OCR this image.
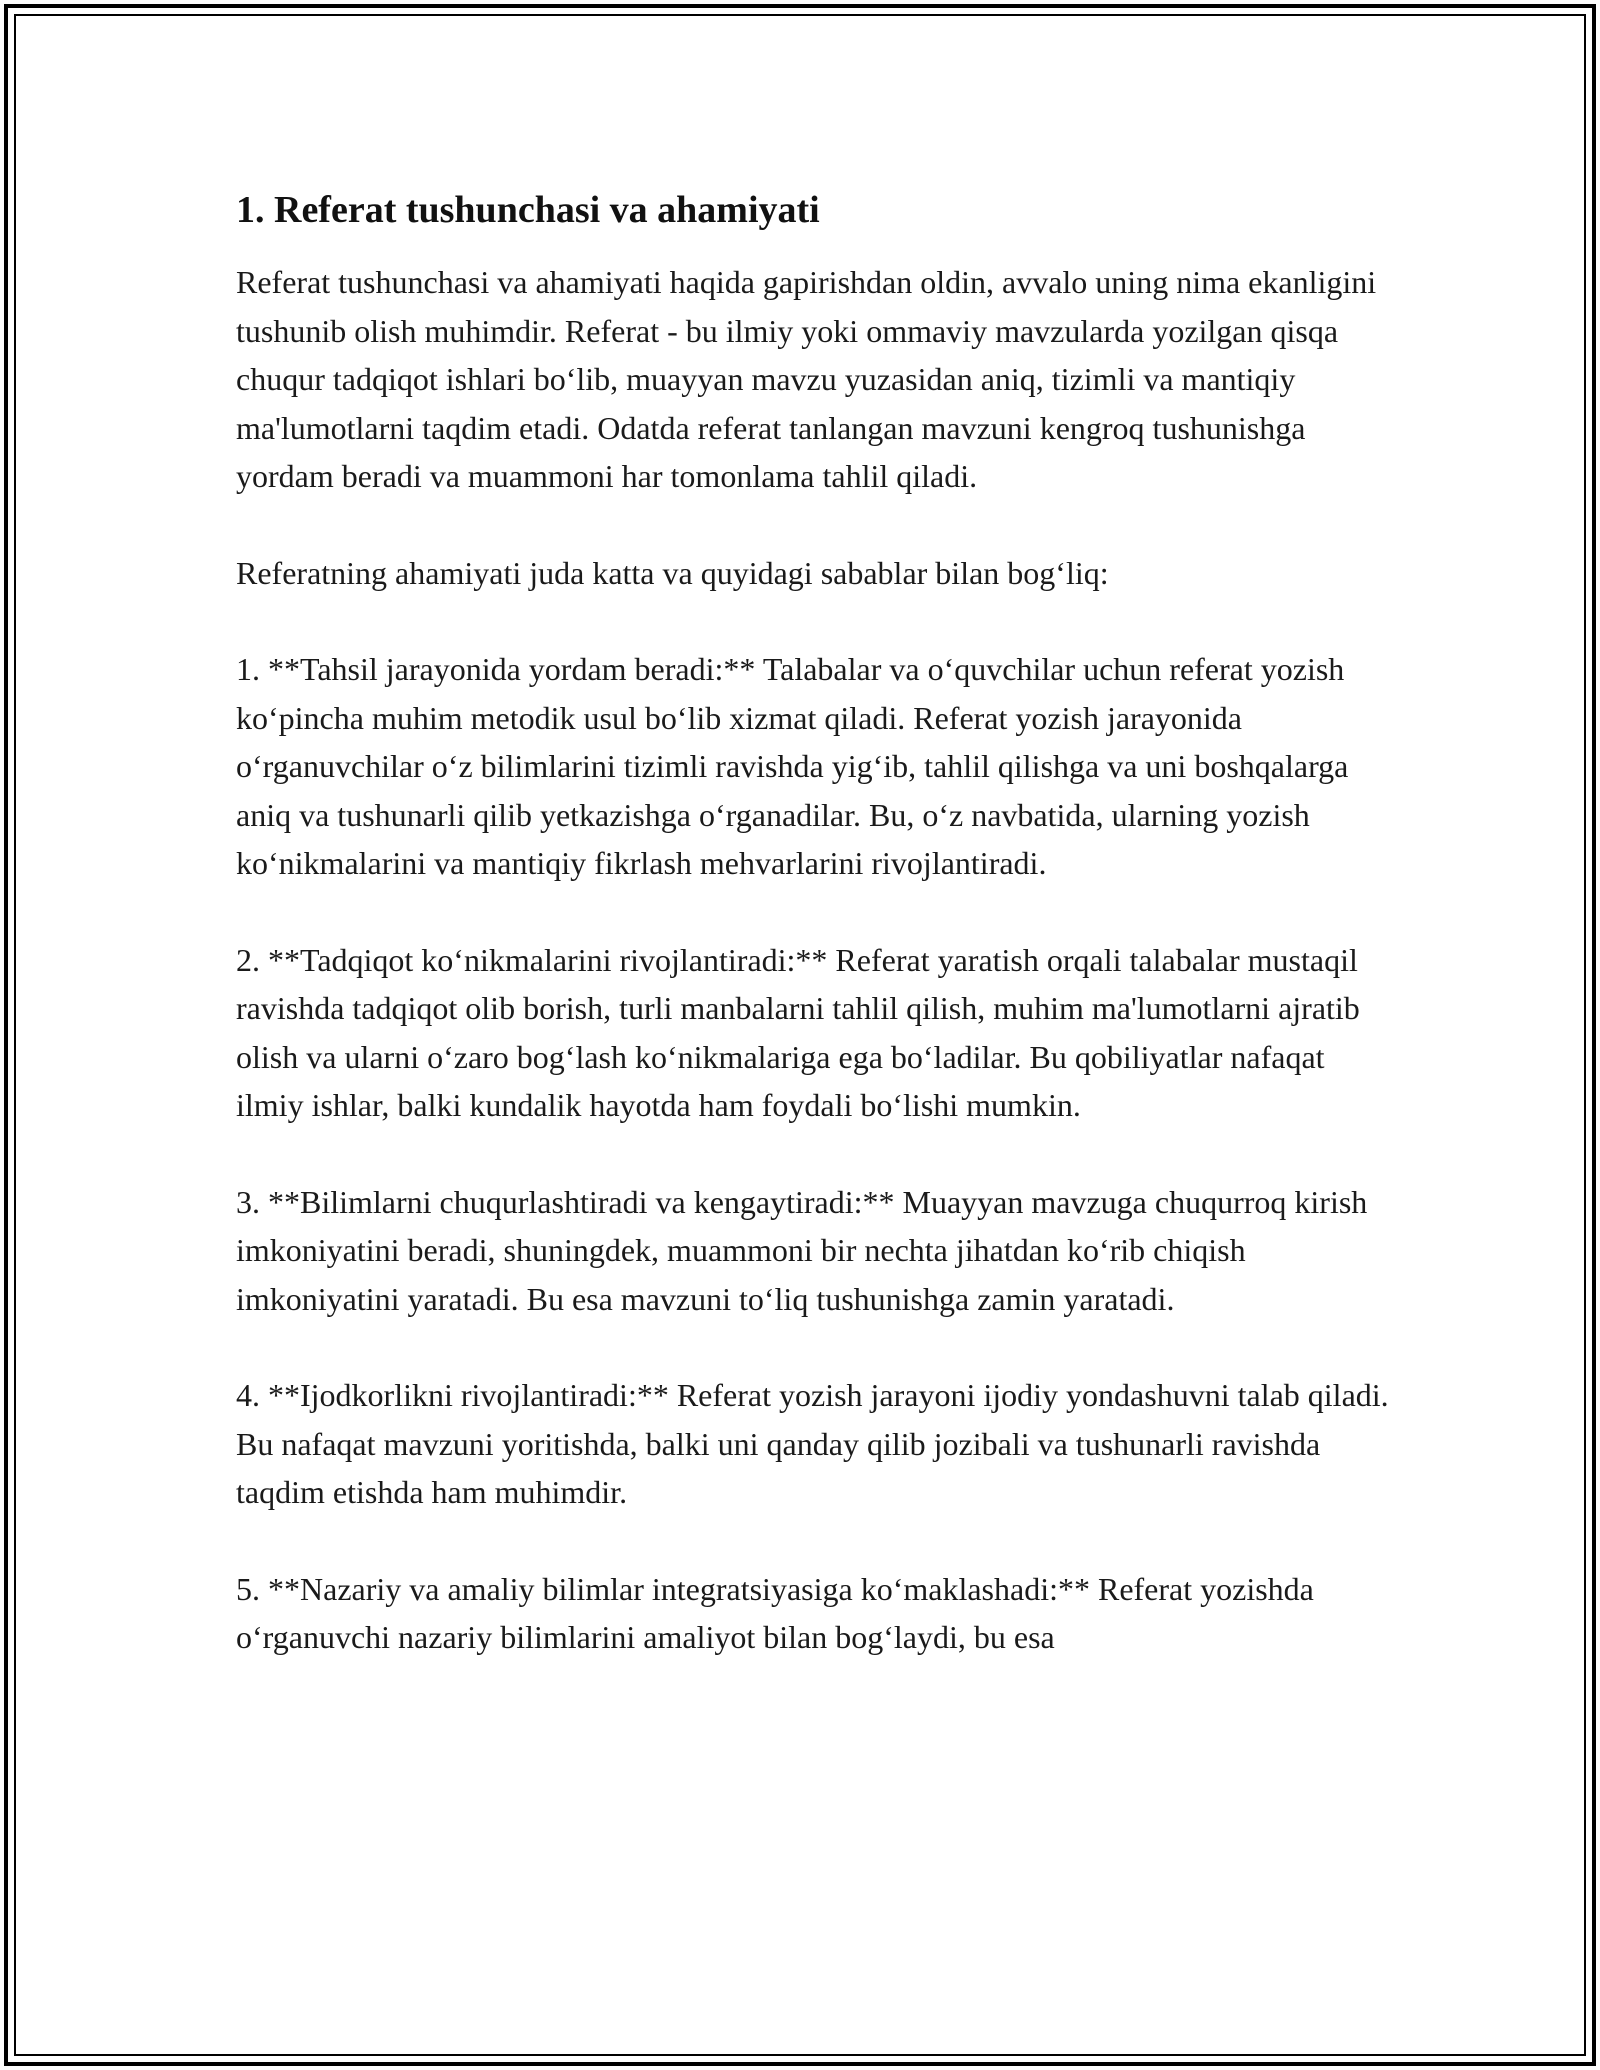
1. Referat tushunchasi va ahamiyati

Referat tushunchasi va ahamiyati haqida gapirishdan oldin, avvalo uning nima ekanligini tushunib olish muhimdir. Referat - bu ilmiy yoki ommaviy mavzularda yozilgan qisqa chuqur tadqiqot ishlari bo‘lib, muayyan mavzu yuzasidan aniq, tizimli va mantiqiy ma'lumotlarni taqdim etadi. Odatda referat tanlangan mavzuni kengroq tushunishga yordam beradi va muammoni har tomonlama tahlil qiladi.

Referatning ahamiyati juda katta va quyidagi sabablar bilan bog‘liq:

1. **Tahsil jarayonida yordam beradi:** Talabalar va o‘quvchilar uchun referat yozish ko‘pincha muhim metodik usul bo‘lib xizmat qiladi. Referat yozish jarayonida o‘rganuvchilar o‘z bilimlarini tizimli ravishda yig‘ib, tahlil qilishga va uni boshqalarga aniq va tushunarli qilib yetkazishga o‘rganadilar. Bu, o‘z navbatida, ularning yozish ko‘nikmalarini va mantiqiy fikrlash mehvarlarini rivojlantiradi.

2. **Tadqiqot ko‘nikmalarini rivojlantiradi:** Referat yaratish orqali talabalar mustaqil ravishda tadqiqot olib borish, turli manbalarni tahlil qilish, muhim ma'lumotlarni ajratib olish va ularni o‘zaro bog‘lash ko‘nikmalariga ega bo‘ladilar. Bu qobiliyatlar nafaqat ilmiy ishlar, balki kundalik hayotda ham foydali bo‘lishi mumkin.

3. **Bilimlarni chuqurlashtiradi va kengaytiradi:** Muayyan mavzuga chuqurroq kirish imkoniyatini beradi, shuningdek, muammoni bir nechta jihatdan ko‘rib chiqish imkoniyatini yaratadi. Bu esa mavzuni to‘liq tushunishga zamin yaratadi.

4. **Ijodkorlikni rivojlantiradi:** Referat yozish jarayoni ijodiy yondashuvni talab qiladi. Bu nafaqat mavzuni yoritishda, balki uni qanday qilib jozibali va tushunarli ravishda taqdim etishda ham muhimdir.

5. **Nazariy va amaliy bilimlar integratsiyasiga ko‘maklashadi:** Referat yozishda o‘rganuvchi nazariy bilimlarini amaliyot bilan bog‘laydi, bu esa
